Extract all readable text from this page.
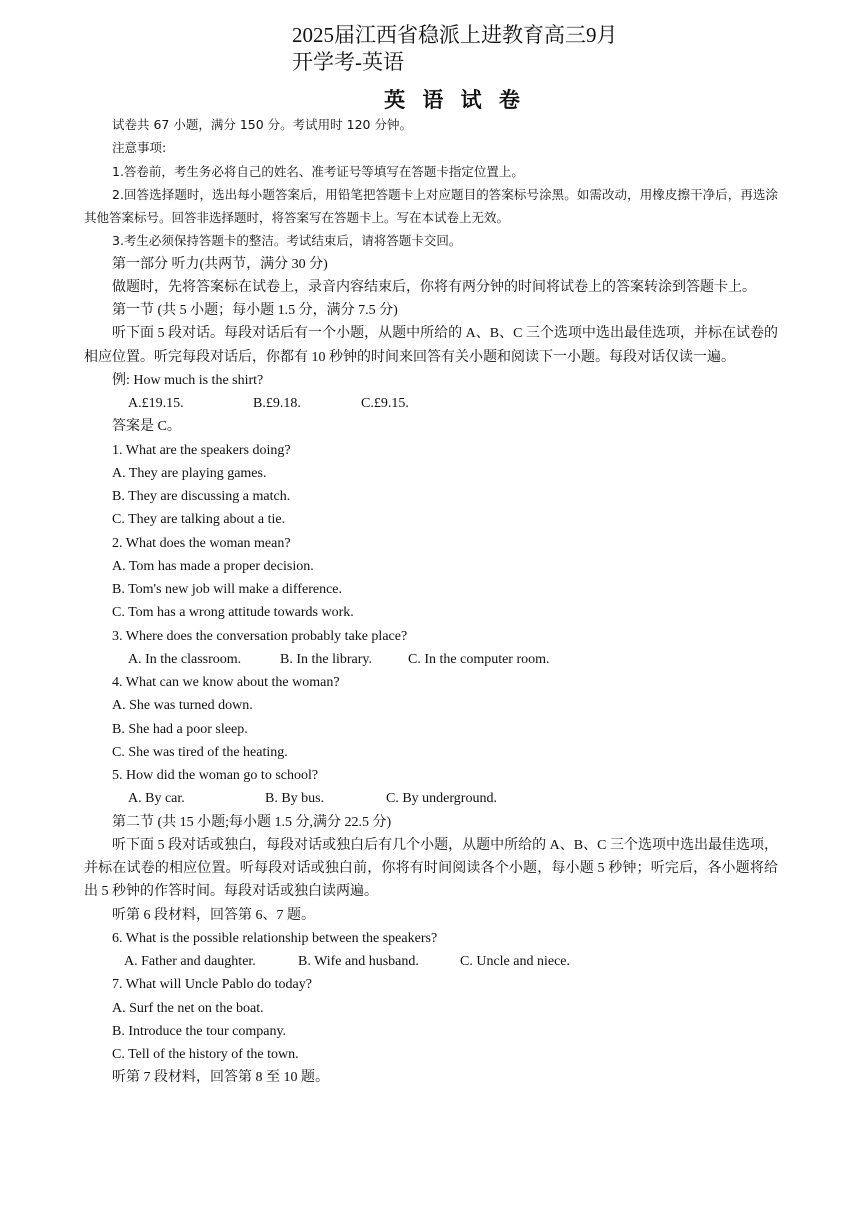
2025届江西省稳派上进教育高三9月
开学考-英语
英 语 试 卷

试卷共 67 小题，满分 150 分。考试用时 120 分钟。

注意事项:

1.答卷前，考生务必将自己的姓名、准考证号等填写在答题卡指定位置上。

2.回答选择题时，选出每小题答案后，用铅笔把答题卡上对应题目的答案标号涂黑。如需改动，用橡皮擦干净后，再选涂其他答案标号。回答非选择题时，将答案写在答题卡上。写在本试卷上无效。

3.考生必须保持答题卡的整洁。考试结束后，请将答题卡交回。

第一部分 听力(共两节，满分 30 分)

做题时，先将答案标在试卷上，录音内容结束后，你将有两分钟的时间将试卷上的答案转涂到答题卡上。

第一节 (共 5 小题；每小题 1.5 分，满分 7.5 分)

听下面 5 段对话。每段对话后有一个小题，从题中所给的 A、B、C 三个选项中选出最佳选项，并标在试卷的相应位置。听完每段对话后，你都有 10 秒钟的时间来回答有关小题和阅读下一小题。每段对话仅读一遍。

例: How much is the shirt?

A.£19.15.	B.£9.18.	C.£9.15.

答案是 C。

1. What are the speakers doing?

A. They are playing games.

B. They are discussing a match.

C. They are talking about a tie.

2. What does the woman mean?

A. Tom has made a proper decision.

B. Tom's new job will make a difference.

C. Tom has a wrong attitude towards work.

3. Where does the conversation probably take place?

A. In the classroom.	B. In the library.	C. In the computer room.

4. What can we know about the woman?

A. She was turned down.

B. She had a poor sleep.

C. She was tired of the heating.

5. How did the woman go to school?

A. By car.	B. By bus.	C. By underground.

第二节 (共 15 小题;每小题 1.5 分,满分 22.5 分)

听下面 5 段对话或独白，每段对话或独白后有几个小题，从题中所给的 A、B、C 三个选项中选出最佳选项，并标在试卷的相应位置。听每段对话或独白前，你将有时间阅读各个小题，每小题 5 秒钟；听完后，各小题将给出 5 秒钟的作答时间。每段对话或独白读两遍。

听第 6 段材料，回答第 6、7 题。

6. What is the possible relationship between the speakers?

A. Father and daughter.	B. Wife and husband.	C. Uncle and niece.

7. What will Uncle Pablo do today?

A. Surf the net on the boat.

B. Introduce the tour company.

C. Tell of the history of the town.

听第 7 段材料，回答第 8 至 10 题。
